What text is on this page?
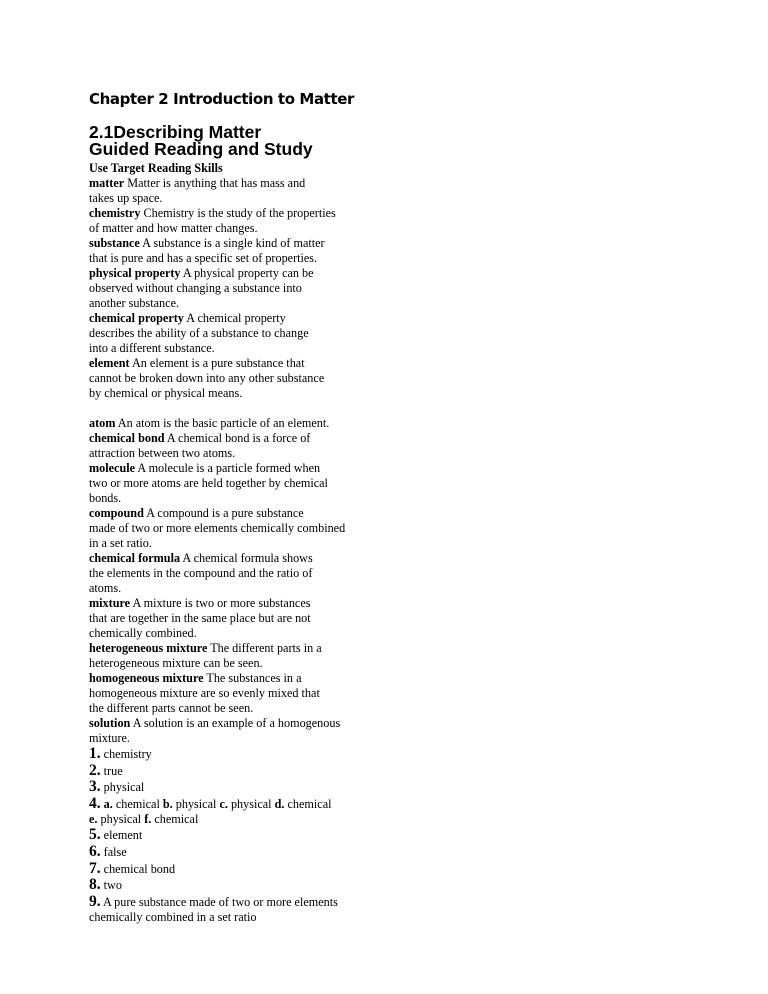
Chapter 2 Introduction to Matter
2.1Describing Matter
Guided Reading and Study
Use Target Reading Skills
matter Matter is anything that has mass and
takes up space.
chemistry Chemistry is the study of the properties
of matter and how matter changes.
substance A substance is a single kind of matter
that is pure and has a specific set of properties.
physical property A physical property can be
observed without changing a substance into
another substance.
chemical property A chemical property
describes the ability of a substance to change
into a different substance.
element An element is a pure substance that
cannot be broken down into any other substance
by chemical or physical means.
atom An atom is the basic particle of an element.
chemical bond A chemical bond is a force of
attraction between two atoms.
molecule A molecule is a particle formed when
two or more atoms are held together by chemical
bonds.
compound A compound is a pure substance
made of two or more elements chemically combined
in a set ratio.
chemical formula A chemical formula shows
the elements in the compound and the ratio of
atoms.
mixture A mixture is two or more substances
that are together in the same place but are not
chemically combined.
heterogeneous mixture The different parts in a
heterogeneous mixture can be seen.
homogeneous mixture The substances in a
homogeneous mixture are so evenly mixed that
the different parts cannot be seen.
solution A solution is an example of a homogenous
mixture.
1. chemistry
2. true
3. physical
4. a. chemical b. physical c. physical d. chemical
e. physical f. chemical
5. element
6. false
7. chemical bond
8. two
9. A pure substance made of two or more elements
chemically combined in a set ratio
